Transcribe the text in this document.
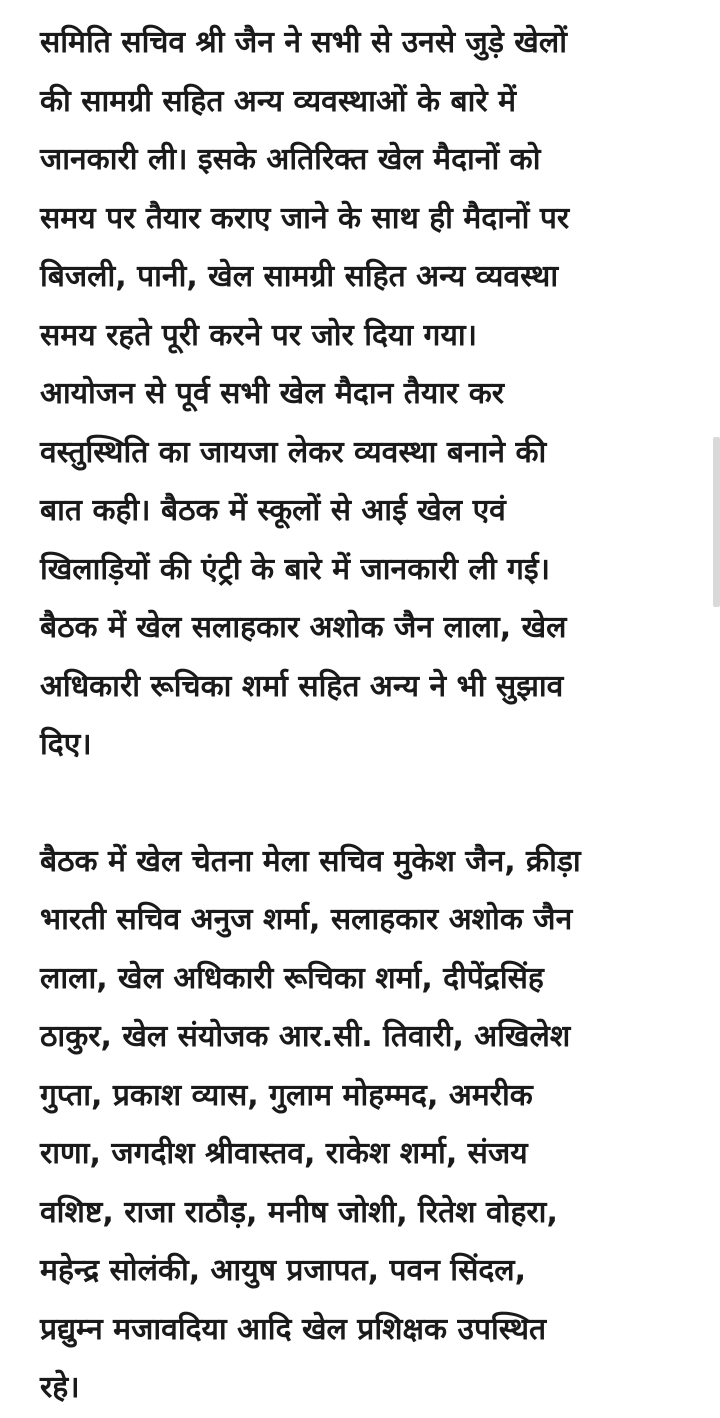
समिति सचिव श्री जैन ने सभी से उनसे जुड़े खेलों
की सामग्री सहित अन्य व्यवस्थाओं के बारे में
जानकारी ली। इसके अतिरिक्त खेल मैदानों को
समय पर तैयार कराए जाने के साथ ही मैदानों पर
बिजली, पानी, खेल सामग्री सहित अन्य व्यवस्था
समय रहते पूरी करने पर जोर दिया गया।
आयोजन से पूर्व सभी खेल मैदान तैयार कर
वस्तुस्थिति का जायजा लेकर व्यवस्था बनाने की
बात कही। बैठक में स्कूलों से आई खेल एवं
खिलाड़ियों की एंट्री के बारे में जानकारी ली गई।
बैठक में खेल सलाहकार अशोक जैन लाला, खेल
अधिकारी रूचिका शर्मा सहित अन्य ने भी सुझाव
दिए।

बैठक में खेल चेतना मेला सचिव मुकेश जैन, क्रीड़ा
भारती सचिव अनुज शर्मा, सलाहकार अशोक जैन
लाला, खेल अधिकारी रूचिका शर्मा, दीपेंद्रसिंह
ठाकुर, खेल संयोजक आर.सी. तिवारी, अखिलेश
गुप्ता, प्रकाश व्यास, गुलाम मोहम्मद, अमरीक
राणा, जगदीश श्रीवास्तव, राकेश शर्मा, संजय
वशिष्ट, राजा राठौड़, मनीष जोशी, रितेश वोहरा,
महेन्द्र सोलंकी, आयुष प्रजापत, पवन सिंदल,
प्रद्युम्न मजावदिया आदि खेल प्रशिक्षक उपस्थित
रहे।
